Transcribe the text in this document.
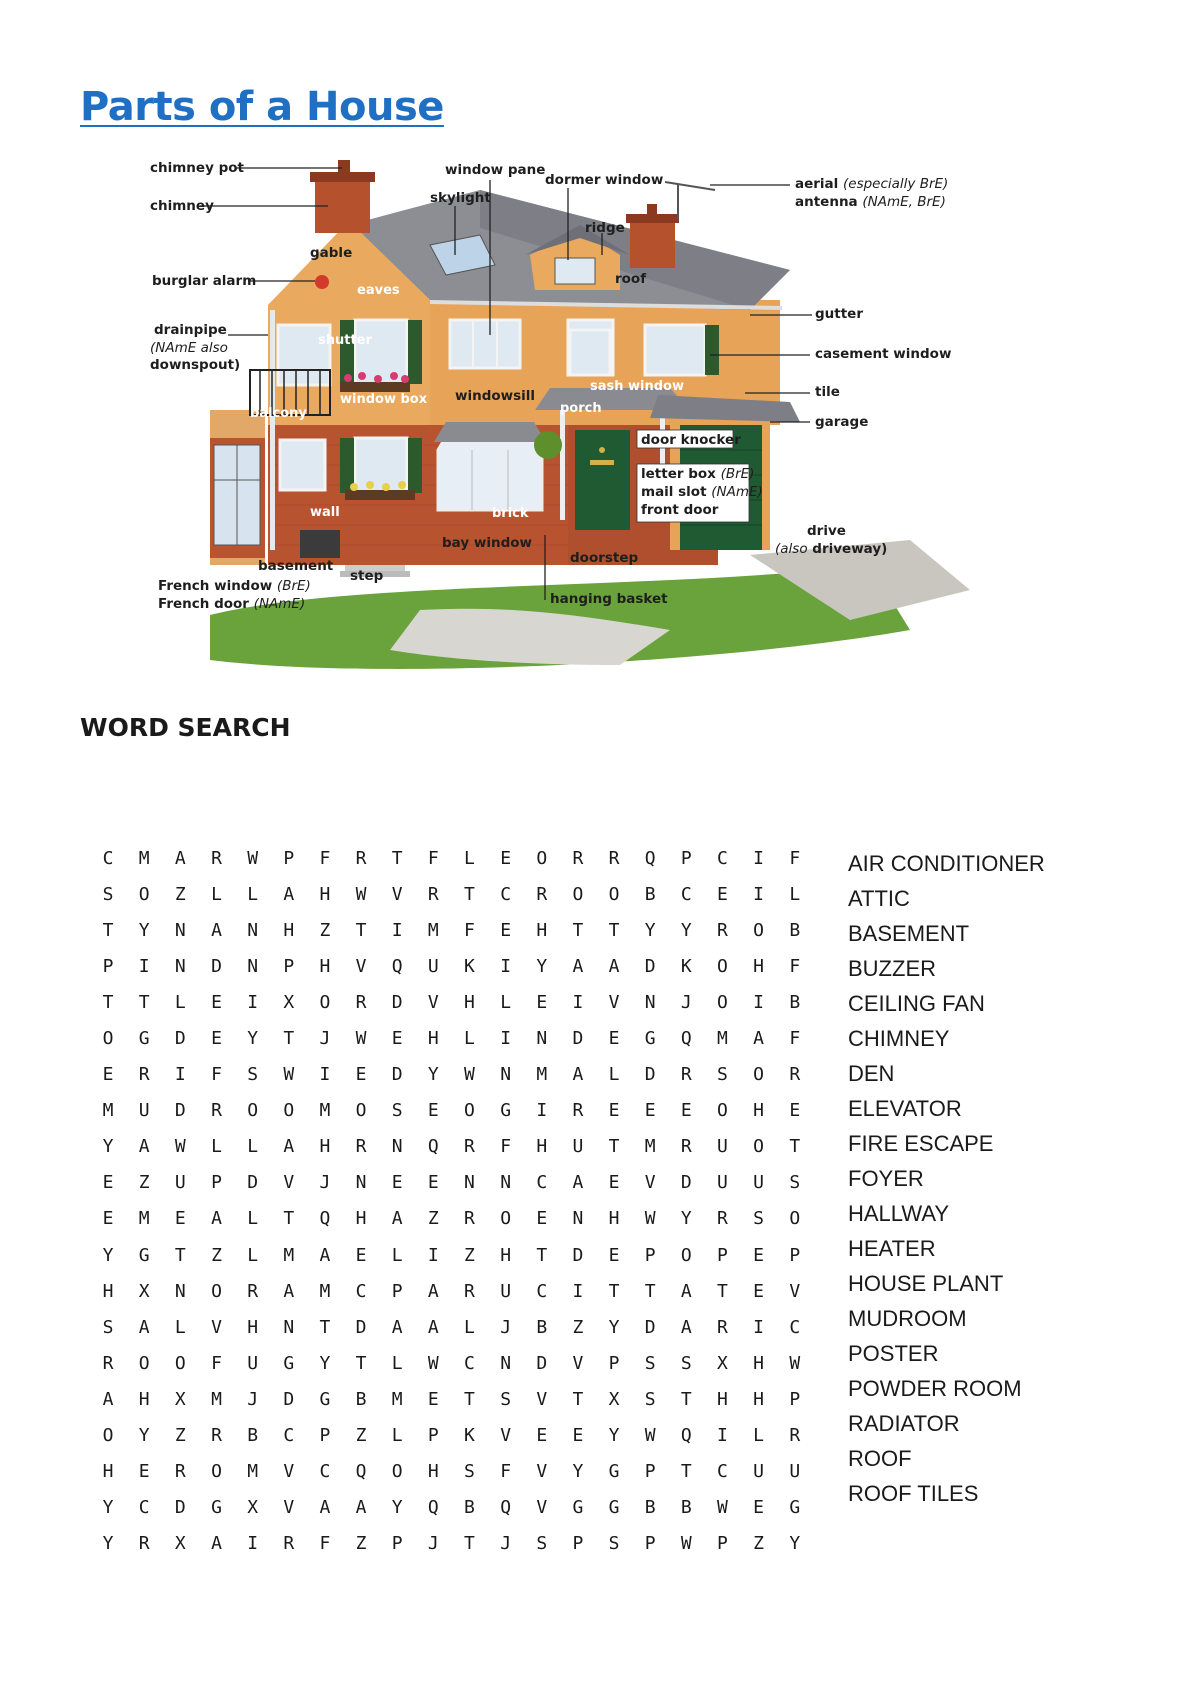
Parts of a House
chimney pot
chimney
window pane
skylight
dormer window
ridge
aerial (especially BrE)
antenna (NAmE, BrE)
gable
burglar alarm	roof
gutter
drainpipe
(NAmE also
downspout)
casement window
windowsill	tile
garage
drive
(also driveway)
bay window
basement	doorstep
French window (BrE)
French door (NAmE)
step
hanging basket
eaves
shutter
window box
sash window
balcony	porch
wall	brick
door knocker
letter box (BrE)
mail slot (NAmE)
front door
WORD SEARCH
C	M	A	R	W	P	F	R	T	F	L	E	O	R	R	Q	P	C	I	F
S	O	Z	L	L	A	H	W	V	R	T	C	R	O	O	B	C	E	I	L
T	Y	N	A	N	H	Z	T	I	M	F	E	H	T	T	Y	Y	R	O	B
P	I	N	D	N	P	H	V	Q	U	K	I	Y	A	A	D	K	O	H	F
T	T	L	E	I	X	O	R	D	V	H	L	E	I	V	N	J	O	I	B
O	G	D	E	Y	T	J	W	E	H	L	I	N	D	E	G	Q	M	A	F
E	R	I	F	S	W	I	E	D	Y	W	N	M	A	L	D	R	S	O	R
M	U	D	R	O	O	M	O	S	E	O	G	I	R	E	E	E	O	H	E
Y	A	W	L	L	A	H	R	N	Q	R	F	H	U	T	M	R	U	O	T
E	Z	U	P	D	V	J	N	E	E	N	N	C	A	E	V	D	U	U	S
E	M	E	A	L	T	Q	H	A	Z	R	O	E	N	H	W	Y	R	S	O
Y	G	T	Z	L	M	A	E	L	I	Z	H	T	D	E	P	O	P	E	P
H	X	N	O	R	A	M	C	P	A	R	U	C	I	T	T	A	T	E	V
S	A	L	V	H	N	T	D	A	A	L	J	B	Z	Y	D	A	R	I	C
R	O	O	F	U	G	Y	T	L	W	C	N	D	V	P	S	S	X	H	W
A	H	X	M	J	D	G	B	M	E	T	S	V	T	X	S	T	H	H	P
O	Y	Z	R	B	C	P	Z	L	P	K	V	E	E	Y	W	Q	I	L	R
H	E	R	O	M	V	C	Q	O	H	S	F	V	Y	G	P	T	C	U	U
Y	C	D	G	X	V	A	A	Y	Q	B	Q	V	G	G	B	B	W	E	G
Y	R	X	A	I	R	F	Z	P	J	T	J	S	P	S	P	W	P	Z	Y
AIR CONDITIONER
ATTIC
BASEMENT
BUZZER
CEILING FAN
CHIMNEY
DEN
ELEVATOR
FIRE ESCAPE
FOYER
HALLWAY
HEATER
HOUSE PLANT
MUDROOM
POSTER
POWDER ROOM
RADIATOR
ROOF
ROOF TILES
